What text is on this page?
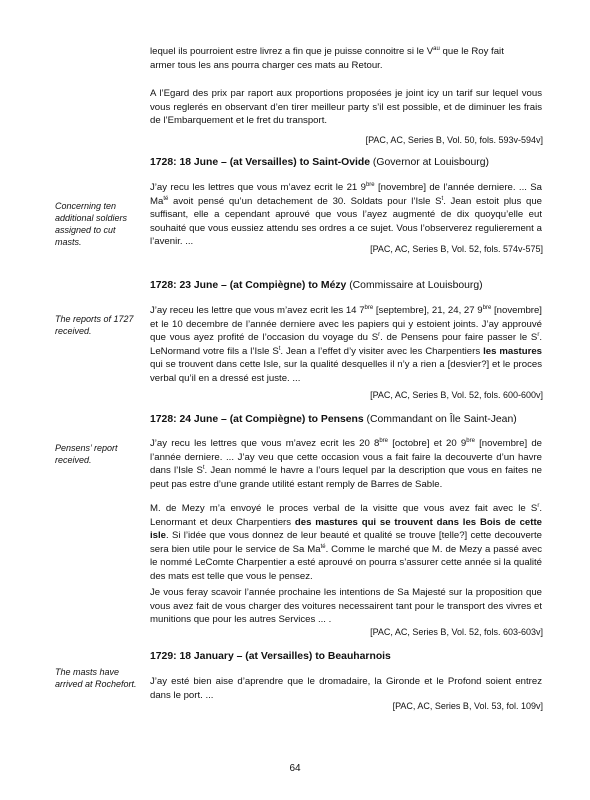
lequel ils pourroient estre livrez a fin que je puisse connoitre si le $V^{au}$ que le Roy fait
armer tous les ans pourra charger ces mats au Retour.
A l’Egard des prix par raport aux proportions proposées je joint icy un tarif sur lequel vous vous reglerés en observant d’en tirer meilleur party s’il est possible, et de diminuer les frais de l’Embarquement et le fret du transport.
[PAC, AC, Series B, Vol. 50, fols. 593v-594v]
1728: 18 June – (at Versailles) to Saint-Ovide (Governor at Louisbourg)
Concerning ten additional soldiers assigned to cut masts.
J’ay recu les lettres que vous m’avez ecrit le 21 $9^{bre}$ [novembre] de l’année derniere. ... Sa $Ma^{té}$ avoit pensé qu’un detachement de 30. Soldats pour l’Isle $S^t$. Jean estoit plus que suffisant, elle a cependant aprouvé que vous l’ayez augmenté de dix quoyqu’elle eut souhaité que vous eussiez attendu ses ordres a ce sujet. Vous l’observerez regulierement a l’avenir. ...
[PAC, AC, Series B, Vol. 52, fols. 574v-575]
1728: 23 June – (at Compiègne) to Mézy (Commissaire at Louisbourg)
The reports of 1727 received.
J’ay receu les lettre que vous m’avez ecrit les 14 $7^{bre}$ [septembre], 21, 24, 27 $9^{bre}$ [novembre] et le 10 decembre de l’année derniere avec les papiers qui y estoient joints. J’ay approuvé que vous ayez profité de l’occasion du voyage du $S^r$. de Pensens pour faire passer le $S^r$. LeNormand votre fils a l’Isle $S^t$. Jean a l’effet d’y visiter avec les Charpentiers les mastures qui se trouvent dans cette Isle, sur la qualité desquelles il n’y a rien a [desvier?] et le proces verbal qu’il en a dressé est juste. ...
[PAC, AC, Series B, Vol. 52, fols. 600-600v]
1728: 24 June – (at Compiègne) to Pensens (Commandant on Île Saint-Jean)
Pensens’ report received.
J’ay recu les lettres que vous m’avez ecrit les 20 $8^{bre}$ [octobre] et 20 $9^{bre}$ [novembre] de l’année derniere. ... J’ay veu que cette occasion vous a fait faire la decouverte d’un havre dans l’Isle $S^t$. Jean nommé le havre a l’ours lequel par la description que vous en faites ne peut pas estre d’une grande utilité estant remply de Barres de Sable.
M. de Mezy m’a envoyé le proces verbal de la visitte que vous avez fait avec le $S^r$. Lenormant et deux Charpentiers des mastures qui se trouvent dans les Bois de cette isle. Si l’idée que vous donnez de leur beauté et qualité se trouve [telle?] cette decouverte sera bien utile pour le service de Sa $Ma^{té}$. Comme le marché que M. de Mezy a passé avec le nommé LeComte Charpentier a esté aprouvé on pourra s’assurer cette année si la qualité des mats est telle que vous le pensez.
Je vous feray scavoir l’année prochaine les intentions de Sa Majesté sur la proposition que vous avez fait de vous charger des voitures necessairent tant pour le transport des vivres et munitions que pour les autres Services ... .
[PAC, AC, Series B, Vol. 52, fols. 603-603v]
1729: 18 January – (at Versailles) to Beauharnois
The masts have arrived at Rochefort.	J’ay esté bien aise d’aprendre que le dromadaire, la Gironde et le Profond soient entrez dans le port. ...
[PAC, AC, Series B, Vol. 53, fol. 109v]
64
